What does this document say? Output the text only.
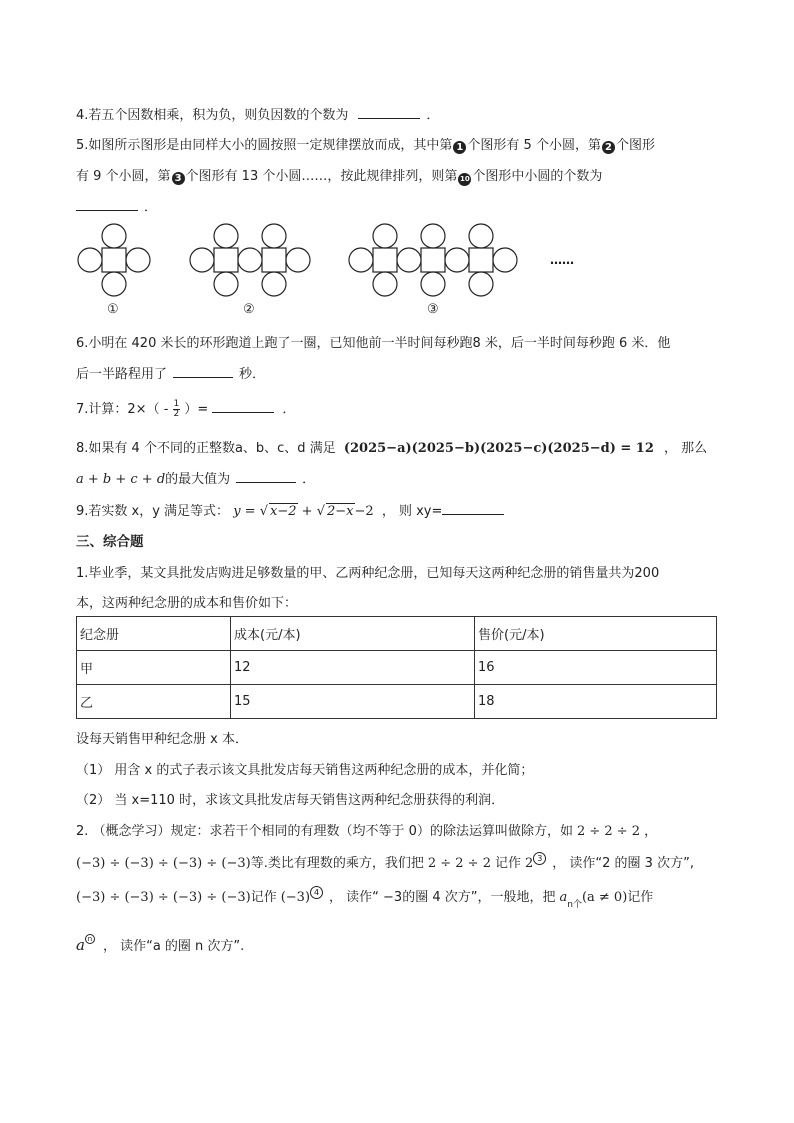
4.若五个因数相乘，积为负，则负因数的个数为	．
5.如图所示图形是由同样大小的圆按照一定规律摆放而成，其中第 1 个图形有 5 个小圆，第 2 个图形
有 9 个小圆，第 3 个图形有 13 个小圆……，按此规律排列，则第 10 个图形中小圆的个数为
．
……
①	②	③
6.小明在 420 米长的环形跑道上跑了一圈，已知他前一半时间每秒跑8 米，后一半时间每秒跑 6 米．他
后一半路程用了	秒．
7.计算：$2\times( - \frac{1}{2}$ ）=	．
8.如果有 4 个不同的正整数a、b、c、d 满足 (2025−a)(2025−b)(2025−c)(2025−d) = 12 ， 那么
a + b + c + d的最大值为	．
9.若实数 x，y 满足等式： y = √ x−2 + √ 2−x−2 ， 则 xy=
三、综合题
1.毕业季，某文具批发店购进足够数量的甲、乙两种纪念册，已知每天这两种纪念册的销售量共为200
本，这两种纪念册的成本和售价如下：
纪念册	成本(元/本)	售价(元/本)
甲	12	16
乙	15	18
设每天销售甲种纪念册 x 本．
（1） 用含 x 的式子表示该文具批发店每天销售这两种纪念册的成本，并化简；
（2） 当 x=110 时，求该文具批发店每天销售这两种纪念册获得的利润．
2. （概念学习）规定：求若干个相同的有理数（均不等于 0）的除法运算叫做除方，如 2 ÷ 2 ÷ 2 ，
(−3) ÷ (−3) ÷ (−3) ÷ (−3)等.类比有理数的乘方，我们把 2 ÷ 2 ÷ 2 记作 2 3 ， 读作“2 的圈 3 次方”,
(−3) ÷ (−3) ÷ (−3) ÷ (−3)记作 (−3) 4 ， 读作“ −3的圈 4 次方”，一般地，把 $a_{n个}(a \ne 0)$记作
a n ， 读作“a 的圈 n 次方”.
